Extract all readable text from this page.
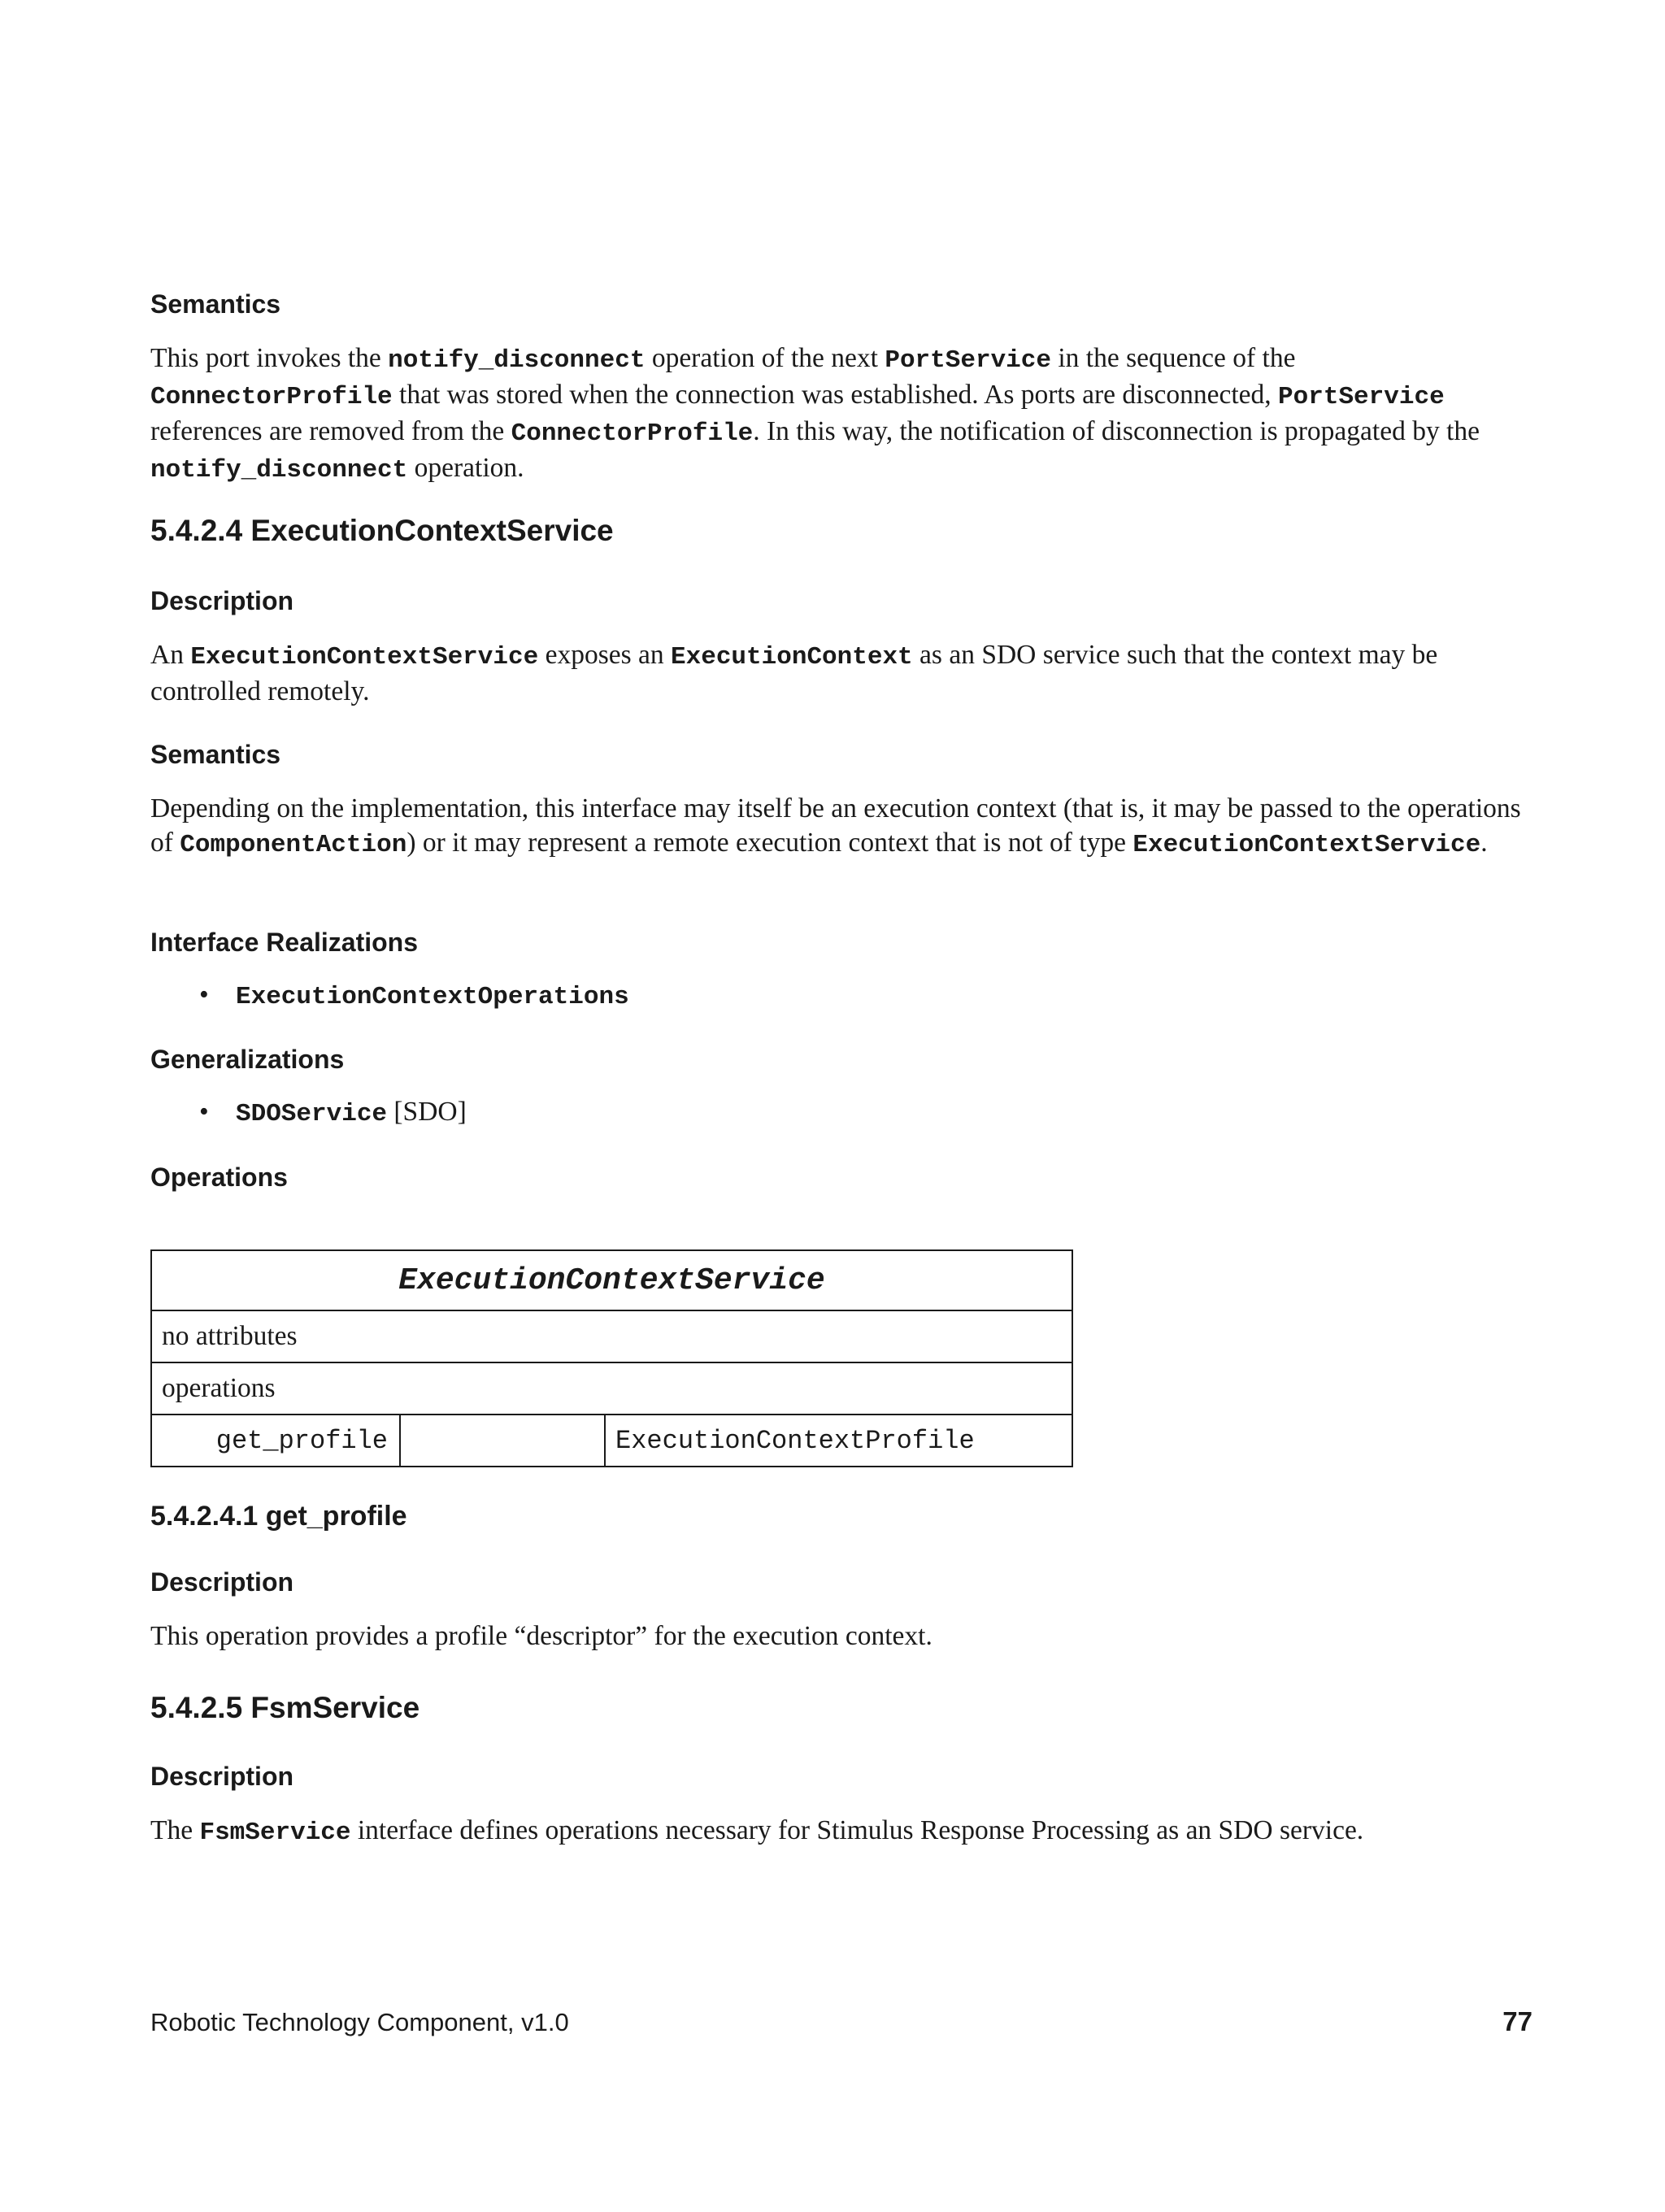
Semantics

This port invokes the notify_disconnect operation of the next PortService in the sequence of the ConnectorProfile that was stored when the connection was established. As ports are disconnected, PortService references are removed from the ConnectorProfile. In this way, the notification of disconnection is propagated by the notify_disconnect operation.

5.4.2.4 ExecutionContextService
Description

An ExecutionContextService exposes an ExecutionContext as an SDO service such that the context may be controlled remotely.

Semantics

Depending on the implementation, this interface may itself be an execution context (that is, it may be passed to the operations of ComponentAction) or it may represent a remote execution context that is not of type ExecutionContextService.

Interface Realizations

• ExecutionContextOperations

Generalizations

• SDOService [SDO]

Operations
ExecutionContextService
no attributes
operations
get_profile		ExecutionContextProfile
5.4.2.4.1 get_profile
Description

This operation provides a profile “descriptor” for the execution context.

5.4.2.5 FsmService
Description

The FsmService interface defines operations necessary for Stimulus Response Processing as an SDO service.

Robotic Technology Component, v1.0	77
